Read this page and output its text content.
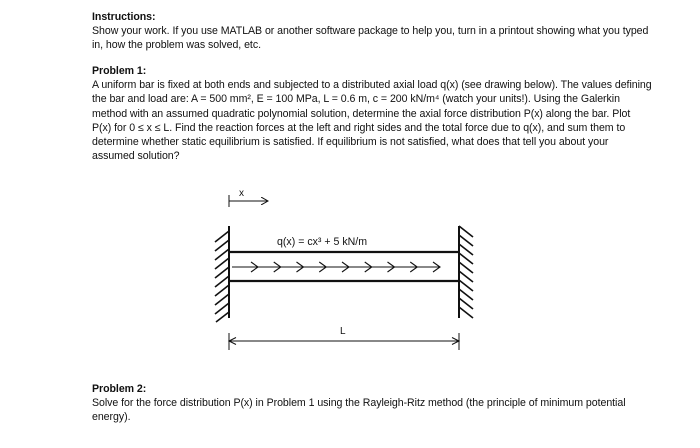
Instructions:
Show your work. If you use MATLAB or another software package to help you, turn in a printout showing what you typed in, how the problem was solved, etc.
Problem 1:
A uniform bar is fixed at both ends and subjected to a distributed axial load q(x) (see drawing below). The values defining the bar and load are: A = 500 mm², E = 100 MPa, L = 0.6 m, c = 200 kN/m⁴ (watch your units!). Using the Galerkin method with an assumed quadratic polynomial solution, determine the axial force distribution P(x) along the bar. Plot P(x) for 0 ≤ x ≤ L. Find the reaction forces at the left and right sides and the total force due to q(x), and sum them to determine whether static equilibrium is satisfied. If equilibrium is not satisfied, what does that tell you about your assumed solution?
x
q(x) = cx³ + 5 kN/m
L
Problem 2:
Solve for the force distribution P(x) in Problem 1 using the Rayleigh-Ritz method (the principle of minimum potential energy).
